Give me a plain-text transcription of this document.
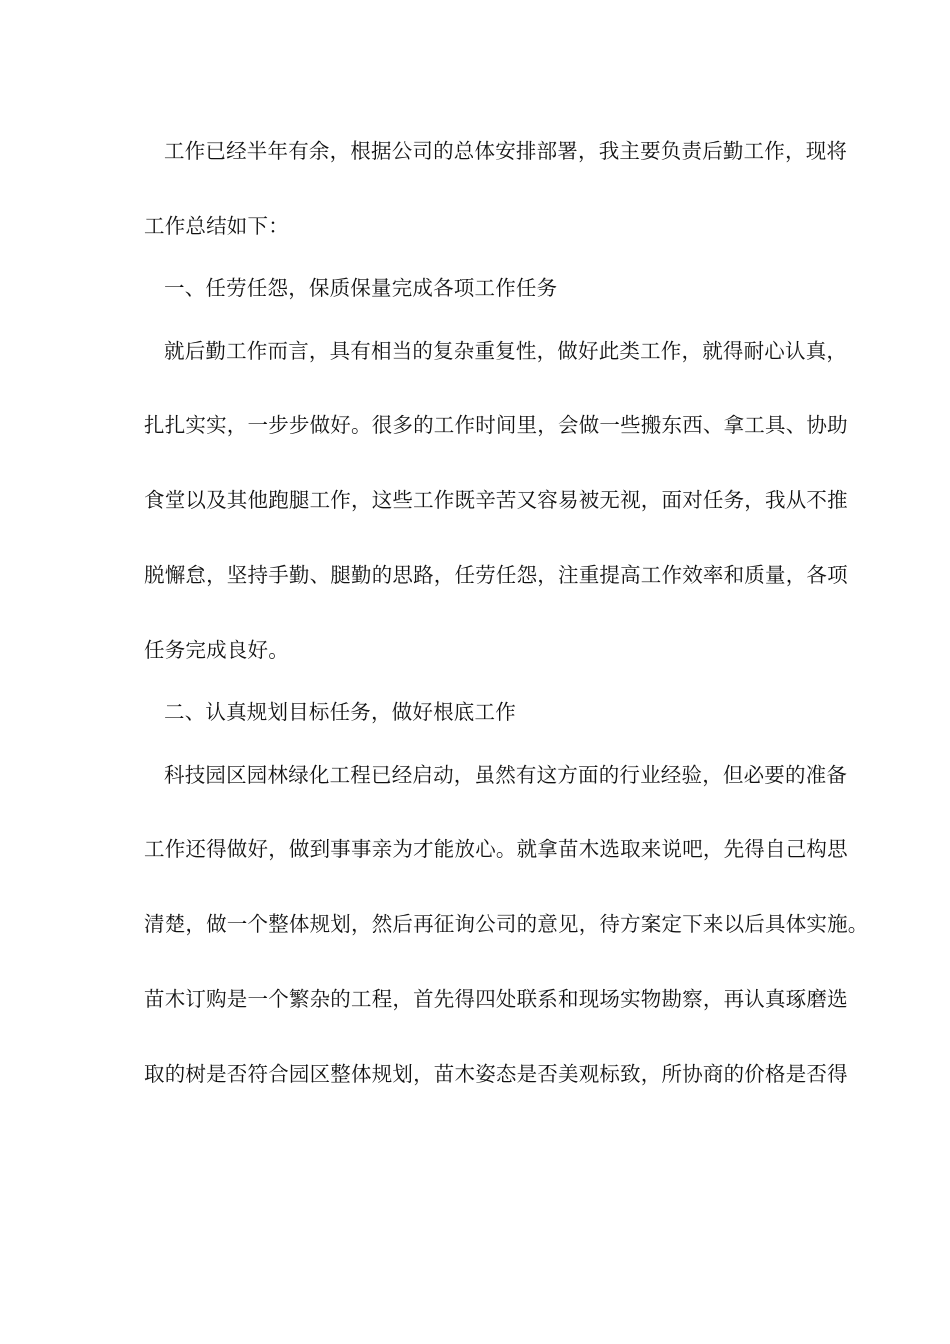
工作已经半年有余，根据公司的总体安排部署，我主要负责后勤工作，现将
工作总结如下：
一、任劳任怨，保质保量完成各项工作任务
就后勤工作而言，具有相当的复杂重复性，做好此类工作，就得耐心认真，
扎扎实实，一步步做好。很多的工作时间里，会做一些搬东西、拿工具、协助
食堂以及其他跑腿工作，这些工作既辛苦又容易被无视，面对任务，我从不推
脱懈怠，坚持手勤、腿勤的思路，任劳任怨，注重提高工作效率和质量，各项
任务完成良好。
二、认真规划目标任务，做好根底工作
科技园区园林绿化工程已经启动，虽然有这方面的行业经验，但必要的准备
工作还得做好，做到事事亲为才能放心。就拿苗木选取来说吧，先得自己构思
清楚，做一个整体规划，然后再征询公司的意见，待方案定下来以后具体实施。
苗木订购是一个繁杂的工程，首先得四处联系和现场实物勘察，再认真琢磨选
取的树是否符合园区整体规划，苗木姿态是否美观标致，所协商的价格是否得
